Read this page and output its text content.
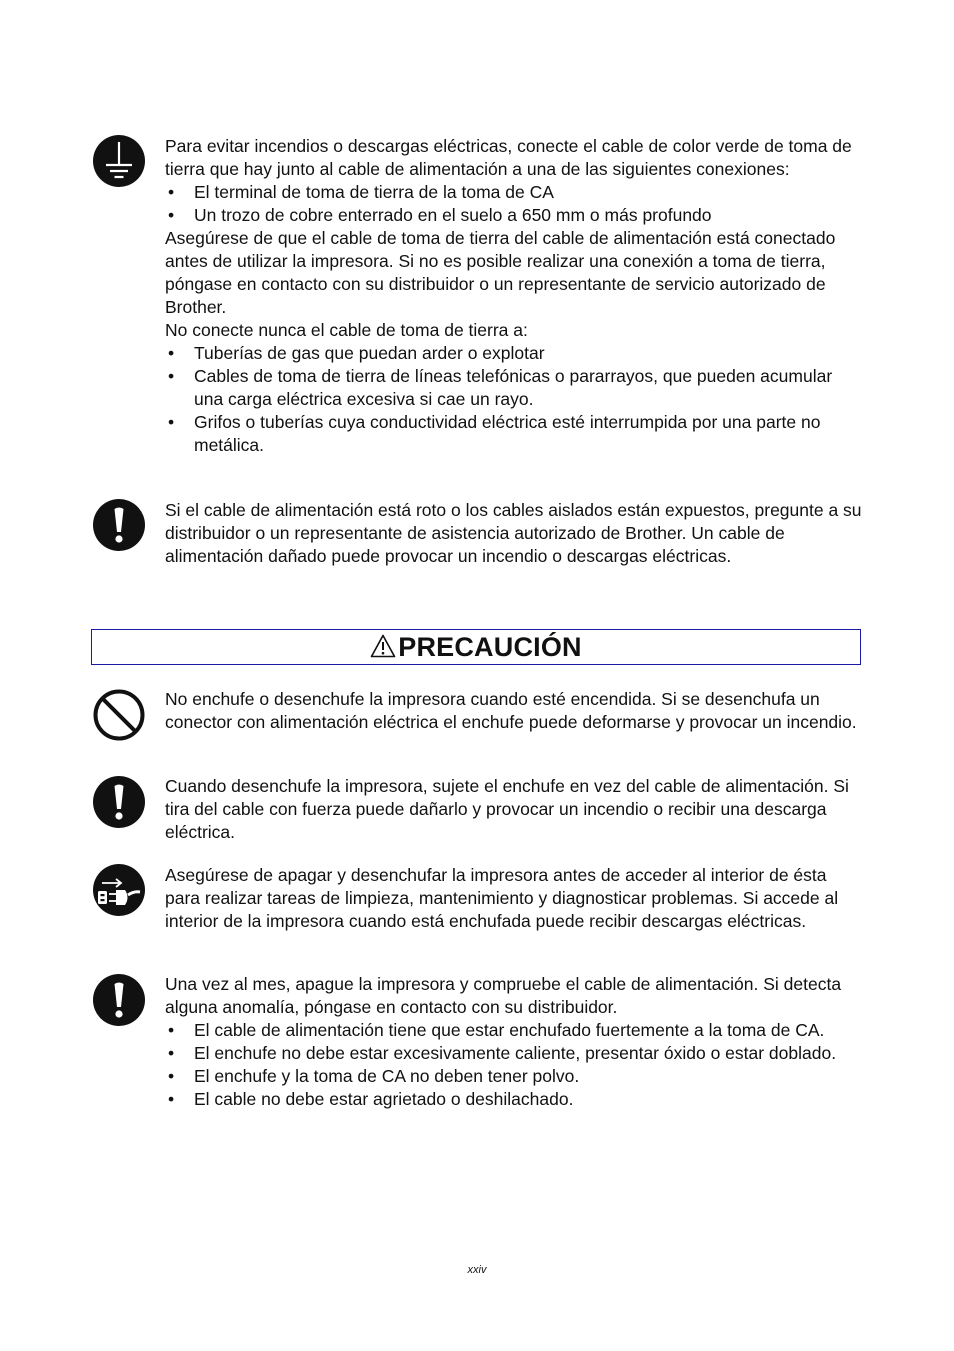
Para evitar incendios o descargas eléctricas, conecte el cable de color verde de toma de tierra que hay junto al cable de alimentación a una de las siguientes conexiones:

• El terminal de toma de tierra de la toma de CA
• Un trozo de cobre enterrado en el suelo a 650 mm o más profundo

Asegúrese de que el cable de toma de tierra del cable de alimentación está conectado antes de utilizar la impresora. Si no es posible realizar una conexión a toma de tierra, póngase en contacto con su distribuidor o un representante de servicio autorizado de Brother.

No conecte nunca el cable de toma de tierra a:

• Tuberías de gas que puedan arder o explotar
• Cables de toma de tierra de líneas telefónicas o pararrayos, que pueden acumular una carga eléctrica excesiva si cae un rayo.
• Grifos o tuberías cuya conductividad eléctrica esté interrumpida por una parte no metálica.

Si el cable de alimentación está roto o los cables aislados están expuestos, pregunte a su distribuidor o un representante de asistencia autorizado de Brother. Un cable de alimentación dañado puede provocar un incendio o descargas eléctricas.

PRECAUCIÓN

No enchufe o desenchufe la impresora cuando esté encendida. Si se desenchufa un conector con alimentación eléctrica el enchufe puede deformarse y provocar un incendio.

Cuando desenchufe la impresora, sujete el enchufe en vez del cable de alimentación. Si tira del cable con fuerza puede dañarlo y provocar un incendio o recibir una descarga eléctrica.

Asegúrese de apagar y desenchufar la impresora antes de acceder al interior de ésta para realizar tareas de limpieza, mantenimiento y diagnosticar problemas. Si accede al interior de la impresora cuando está enchufada puede recibir descargas eléctricas.

Una vez al mes, apague la impresora y compruebe el cable de alimentación. Si detecta alguna anomalía, póngase en contacto con su distribuidor.

• El cable de alimentación tiene que estar enchufado fuertemente a la toma de CA.
• El enchufe no debe estar excesivamente caliente, presentar óxido o estar doblado.
• El enchufe y la toma de CA no deben tener polvo.
• El cable no debe estar agrietado o deshilachado.
xxiv
